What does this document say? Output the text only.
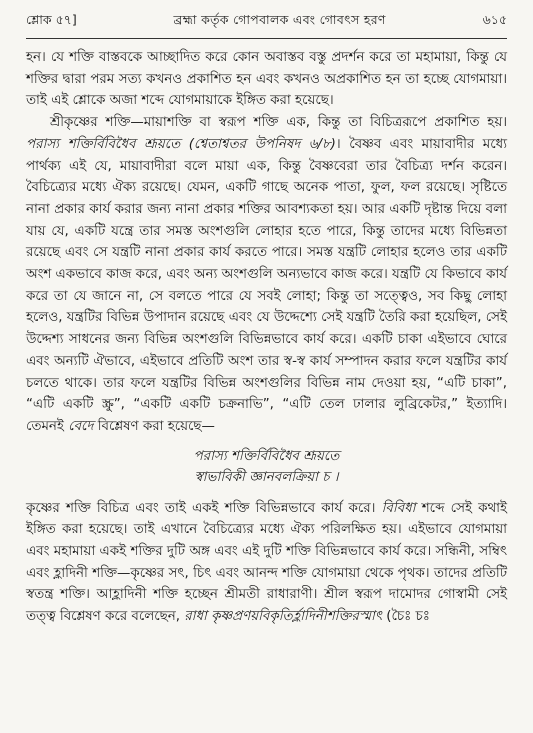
শ্লোক ৫৭]	ব্রহ্মা কর্তৃক গোপবালক এবং গোবৎস হরণ	৬১৫

হন। যে শক্তি বাস্তবকে আচ্ছাদিত করে কোন অবাস্তব বস্তু প্রদর্শন করে তা মহামায়া, কিন্তু যে শক্তির দ্বারা পরম সত্য কখনও প্রকাশিত হন এবং কখনও অপ্রকাশিত হন তা হচ্ছে যোগমায়া। তাই এই শ্লোকে অজা শব্দে যোগমায়াকে ইঙ্গিত করা হয়েছে।

শ্রীকৃষ্ণের শক্তি—মায়াশক্তি বা স্বরূপ শক্তি এক, কিন্তু তা বিচিত্ররূপে প্রকাশিত হয়। পরাস্য শক্তির্বিবিধৈব শ্রূয়তে (শ্বেতাশ্বতর উপনিষদ ৬/৮)। বৈষ্ণব এবং মায়াবাদীর মধ্যে পার্থক্য এই যে, মায়াবাদীরা বলে মায়া এক, কিন্তু বৈষ্ণবেরা তার বৈচিত্র্য দর্শন করেন। বৈচিত্র্যের মধ্যে ঐক্য রয়েছে। যেমন, একটি গাছে অনেক পাতা, ফুল, ফল রয়েছে। সৃষ্টিতে নানা প্রকার কার্য করার জন্য নানা প্রকার শক্তির আবশ্যকতা হয়। আর একটি দৃষ্টান্ত দিয়ে বলা যায় যে, একটি যন্ত্রে তার সমস্ত অংশগুলি লোহার হতে পারে, কিন্তু তাদের মধ্যে বিভিন্নতা রয়েছে এবং সে যন্ত্রটি নানা প্রকার কার্য করতে পারে। সমস্ত যন্ত্রটি লোহার হলেও তার একটি অংশ একভাবে কাজ করে, এবং অন্য অংশগুলি অন্যভাবে কাজ করে। যন্ত্রটি যে কিভাবে কার্য করে তা যে জানে না, সে বলতে পারে যে সবই লোহা; কিন্তু তা সত্ত্বেও, সব কিছু লোহা হলেও, যন্ত্রটির বিভিন্ন উপাদান রয়েছে এবং যে উদ্দেশ্যে সেই যন্ত্রটি তৈরি করা হয়েছিল, সেই উদ্দেশ্য সাধনের জন্য বিভিন্ন অংশগুলি বিভিন্নভাবে কার্য করে। একটি চাকা এইভাবে ঘোরে এবং অন্যটি ঐভাবে, এইভাবে প্রতিটি অংশ তার স্ব-স্ব কার্য সম্পাদন করার ফলে যন্ত্রটির কার্য চলতে থাকে। তার ফলে যন্ত্রটির বিভিন্ন অংশগুলির বিভিন্ন নাম দেওয়া হয়, “এটি চাকা”, “এটি একটি স্ক্রু”, “একটি একটি চক্রনাভি”, “এটি তেল ঢালার লুব্রিকেটর,” ইত্যাদি। তেমনই বেদে বিশ্লেষণ করা হয়েছে—

পরাস্য শক্তির্বিবিধৈব শ্রূয়তে
স্বাভাবিকী জ্ঞানবলক্রিয়া চ ।

কৃষ্ণের শক্তি বিচিত্র এবং তাই একই শক্তি বিভিন্নভাবে কার্য করে। বিবিধা শব্দে সেই কথাই ইঙ্গিত করা হয়েছে। তাই এখানে বৈচিত্র্যের মধ্যে ঐক্য পরিলক্ষিত হয়। এইভাবে যোগমায়া এবং মহামায়া একই শক্তির দুটি অঙ্গ এবং এই দুটি শক্তি বিভিন্নভাবে কার্য করে। সন্ধিনী, সম্বিৎ এবং হ্লাদিনী শক্তি—কৃষ্ণের সৎ, চিৎ এবং আনন্দ শক্তি যোগমায়া থেকে পৃথক। তাদের প্রতিটি স্বতন্ত্র শক্তি। আহ্লাদিনী শক্তি হচ্ছেন শ্রীমতী রাধারাণী। শ্রীল স্বরূপ দামোদর গোস্বামী সেই তত্ত্ব বিশ্লেষণ করে বলেছেন, রাধা কৃষ্ণপ্রণয়বিকৃতির্হ্লাদিনীশক্তিরস্মাৎ (চৈঃ চঃ
